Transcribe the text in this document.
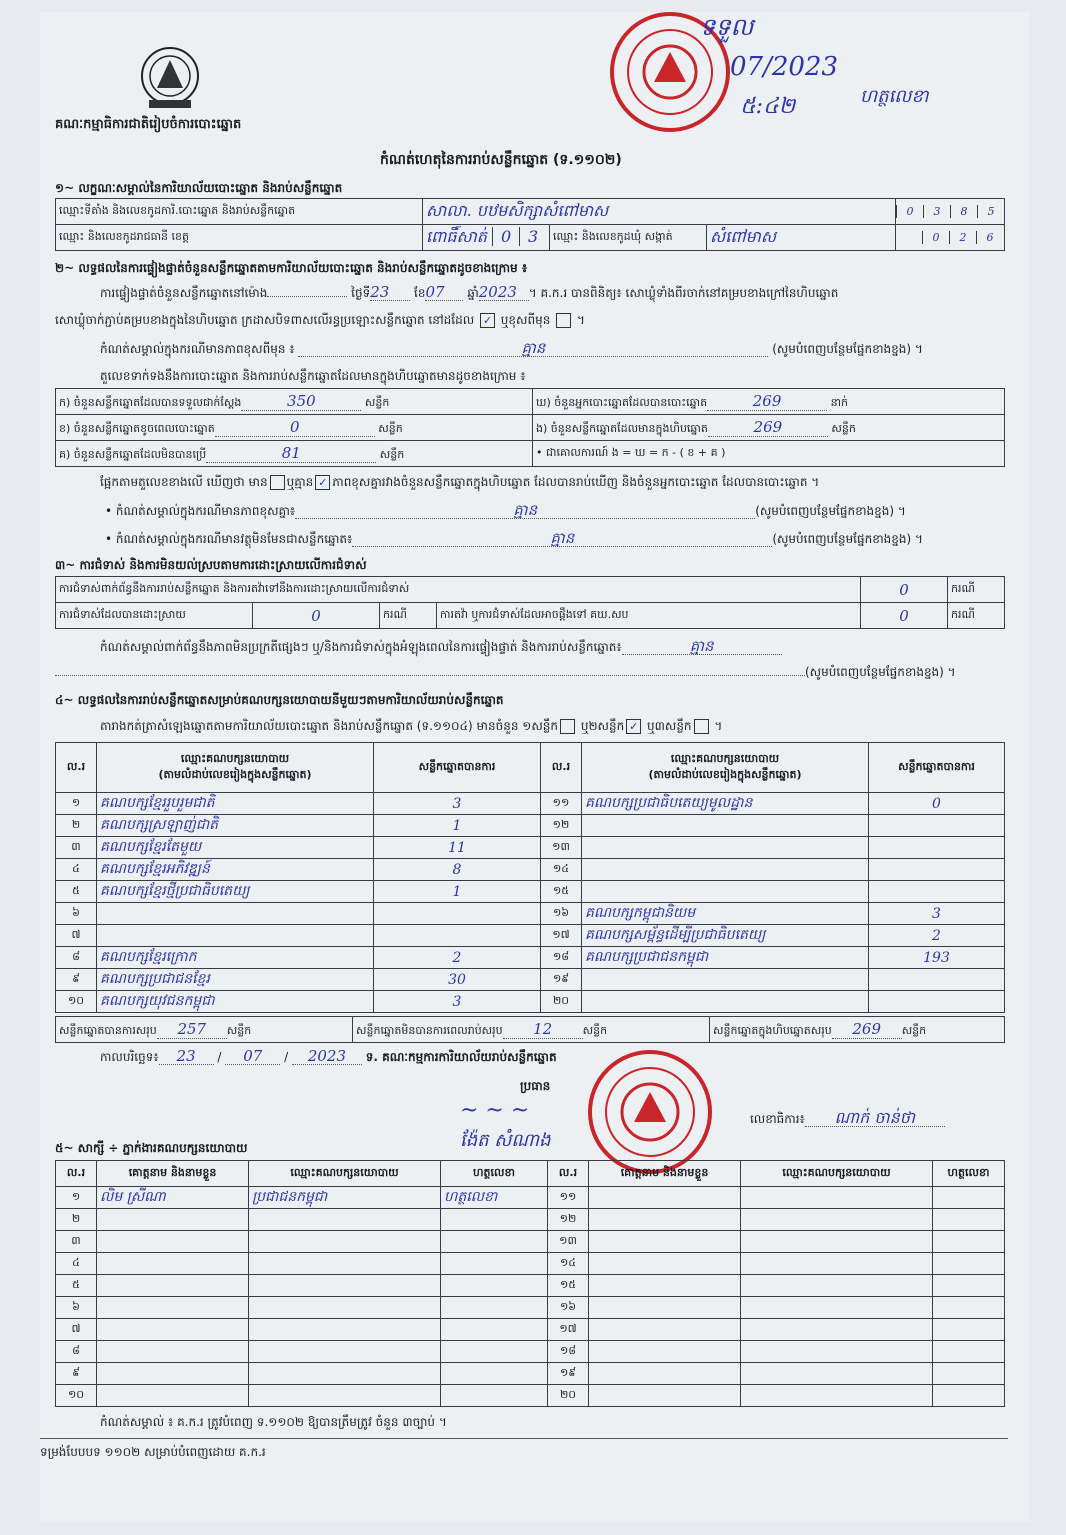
គណៈកម្មាធិការជាតិរៀបចំការបោះឆ្នោត
ទទួល
07/2023
៥:៤២	ហត្ថលេខា
កំណត់ហេតុនៃការរាប់សន្លឹកឆ្នោត (ទ.១១០២)
១~ លក្ខណៈសម្គាល់នៃការិយាល័យបោះឆ្នោត និងរាប់សន្លឹកឆ្នោត
ឈ្មោះទីតាំង និងលេខកូដការិ.បោះឆ្នោត និងរាប់សន្លឹកឆ្នោត	សាលា. បឋមសិក្សាសំពៅមាស			0 3 8 5
ឈ្មោះ និងលេខកូដរាជធានី ខេត្ត	ពោធិ៍សាត់ 0 3	ឈ្មោះ និងលេខកូដឃុំ សង្កាត់	សំពៅមាស	0 2 6
២~ លទ្ធផលនៃការផ្ទៀងផ្ទាត់ចំនួនសន្លឹកឆ្នោតតាមការិយាល័យបោះឆ្នោត និងរាប់សន្លឹកឆ្នោតដូចខាងក្រោម ៖
ការផ្ទៀងផ្ទាត់ចំនួនសន្លឹកឆ្នោតនៅម៉ោង	ថ្ងៃទី23 ខែ07 ឆ្នាំ2023 ។ គ.ក.រ បានពិនិត្យ៖ សោឃ្លុំទាំងពីរចាក់នៅគម្របខាងក្រៅនៃហិបឆ្នោត
សោឃ្លុំចាក់ភ្ជាប់គម្របខាងក្នុងនៃហិបឆ្នោត ក្រដាសបិទពាសលើរន្ធប្រឡោះសន្លឹកឆ្នោត នៅដដែល ✓ ឬខុសពីមុន  ។
កំណត់សម្គាល់ក្នុងករណីមានភាពខុសពីមុន ៖	គ្មាន	(សូមបំពេញបន្ថែមផ្នែកខាងខ្នង) ។
តួលេខទាក់ទងនឹងការបោះឆ្នោត និងការរាប់សន្លឹកឆ្នោតដែលមានក្នុងហិបឆ្នោតមានដូចខាងក្រោម ៖
ក) ចំនួនសន្លឹកឆ្នោតដែលបានទទួលជាក់ស្ដែង 350 សន្លឹក	ឃ) ចំនួនអ្នកបោះឆ្នោតដែលបានបោះឆ្នោត 269 នាក់
ខ) ចំនួនសន្លឹកឆ្នោតខូចពេលបោះឆ្នោត 0 សន្លឹក	ង) ចំនួនសន្លឹកឆ្នោតដែលមានក្នុងហិបឆ្នោត 269 សន្លឹក
គ) ចំនួនសន្លឹកឆ្នោតដែលមិនបានប្រើ 81 សន្លឹក	• ជាគោលការណ៍ ង = ឃ = ក - ( ខ + គ )
ផ្អែកតាមតួលេខខាងលើ ឃើញថា មាន ឬគ្មាន ✓ ភាពខុសគ្នារវាងចំនួនសន្លឹកឆ្នោតក្នុងហិបឆ្នោត ដែលបានរាប់ឃើញ និងចំនួនអ្នកបោះឆ្នោត ដែលបានបោះឆ្នោត ។
• កំណត់សម្គាល់ក្នុងករណីមានភាពខុសគ្នា៖	គ្មាន	(សូមបំពេញបន្ថែមផ្នែកខាងខ្នង) ។
• កំណត់សម្គាល់ក្នុងករណីមានវត្ថុមិនមែនជាសន្លឹកឆ្នោត៖	គ្មាន	(សូមបំពេញបន្ថែមផ្នែកខាងខ្នង) ។
៣~ ការជំទាស់ និងការមិនយល់ស្របតាមការដោះស្រាយលើការជំទាស់
ការជំទាស់ពាក់ព័ន្ធនឹងការរាប់សន្លឹកឆ្នោត និងការតវ៉ាទៅនឹងការដោះស្រាយលើការជំទាស់				0	ករណី
ការជំទាស់ដែលបានដោះស្រាយ	0	ករណី	ការតវ៉ា ឬការជំទាស់ដែលអាចផ្ដឹងទៅ គឃ.សប	0	ករណី
កំណត់សម្គាល់ពាក់ព័ន្ធនឹងភាពមិនប្រក្រតីផ្សេងៗ ឬ/និងការជំទាស់ក្នុងអំឡុងពេលនៃការផ្ទៀងផ្ទាត់ និងការរាប់សន្លឹកឆ្នោត៖	គ្មាន
(សូមបំពេញបន្ថែមផ្នែកខាងខ្នង) ។
៤~ លទ្ធផលនៃការរាប់សន្លឹកឆ្នោតសម្រាប់គណបក្សនយោបាយនីមួយៗតាមការិយាល័យរាប់សន្លឹកឆ្នោត
តារាងកត់ត្រាសំឡេងឆ្នោតតាមការិយាល័យបោះឆ្នោត និងរាប់សន្លឹកឆ្នោត (ទ.១១០៤) មានចំនួន ១សន្លឹក ឬ២សន្លឹក ✓ ឬ៣សន្លឹក ។
ល.រ	ឈ្មោះគណបក្សនយោបាយ
(តាមលំដាប់លេខរៀងក្នុងសន្លឹកឆ្នោត)	សន្លឹកឆ្នោតបានការ	ល.រ	ឈ្មោះគណបក្សនយោបាយ
(តាមលំដាប់លេខរៀងក្នុងសន្លឹកឆ្នោត)	សន្លឹកឆ្នោតបានការ
១	គណបក្សខ្មែររួបរួមជាតិ	3	១១	គណបក្សប្រជាធិបតេយ្យមូលដ្ឋាន	0
២	គណបក្សស្រឡាញ់ជាតិ	1	១២		
៣	គណបក្សខ្មែរតែមួយ	11	១៣		
៤	គណបក្សខ្មែរអភិវឌ្ឍន៍	8	១៤		
៥	គណបក្សខ្មែរថ្មីប្រជាធិបតេយ្យ	1	១៥		
៦			១៦	គណបក្សកម្ពុជានិយម	3
៧			១៧	គណបក្សសម្ព័ន្ធដើម្បីប្រជាធិបតេយ្យ	2
៨	គណបក្សខ្មែរក្រោក	2	១៨	គណបក្សប្រជាជនកម្ពុជា	193
៩	គណបក្សប្រជាជនខ្មែរ	30	១៩		
១០	គណបក្សយុវជនកម្ពុជា	3	២០		
សន្លឹកឆ្នោតបានការសរុប 257 សន្លឹក	សន្លឹកឆ្នោតមិនបានការពេលរាប់សរុប 12	សន្លឹក	សន្លឹកឆ្នោតក្នុងហិបឆ្នោតសរុប 269 សន្លឹក
កាលបរិច្ឆេទ៖ 23 / 07 / 2023 ទ. គណៈកម្មការការិយាល័យរាប់សន្លឹកឆ្នោត
ប្រធាន
~ ~ ~
ង៉ែត សំណាង
លេខាធិការ៖ ណាក់ ចាន់ថា
៥~ សាក្សី ÷ ភ្នាក់ងារគណបក្សនយោបាយ
ល.រ	គោត្តនាម និងនាមខ្លួន	ឈ្មោះគណបក្សនយោបាយ	ហត្ថលេខា	ល.រ	គោត្តនាម និងនាមខ្លួន	ឈ្មោះគណបក្សនយោបាយ	ហត្ថលេខា
១	លិម ស្រីណា	ប្រជាជនកម្ពុជា	ហត្ថលេខា	១១			
២				១២			
៣				១៣			
៤				១៤			
៥				១៥			
៦				១៦			
៧				១៧			
៨				១៨			
៩				១៩			
១០				២០			
កំណត់សម្គាល់ ៖ គ.ក.រ ត្រូវបំពេញ ទ.១១០២ ឱ្យបានត្រឹមត្រូវ ចំនួន ៣ច្បាប់ ។
ទម្រង់បែបបទ ១១០២ សម្រាប់បំពេញដោយ គ.ក.រ
